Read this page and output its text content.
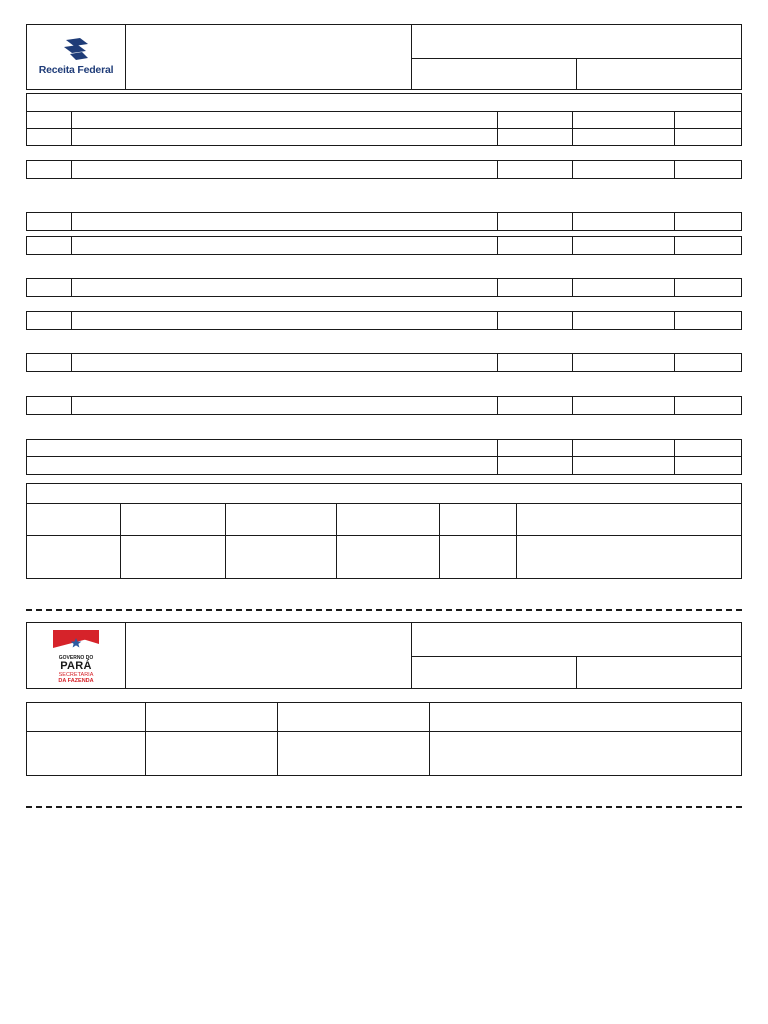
Receita Federal
GOVERNO DO
PARÁ
SECRETARIA
DA FAZENDA
